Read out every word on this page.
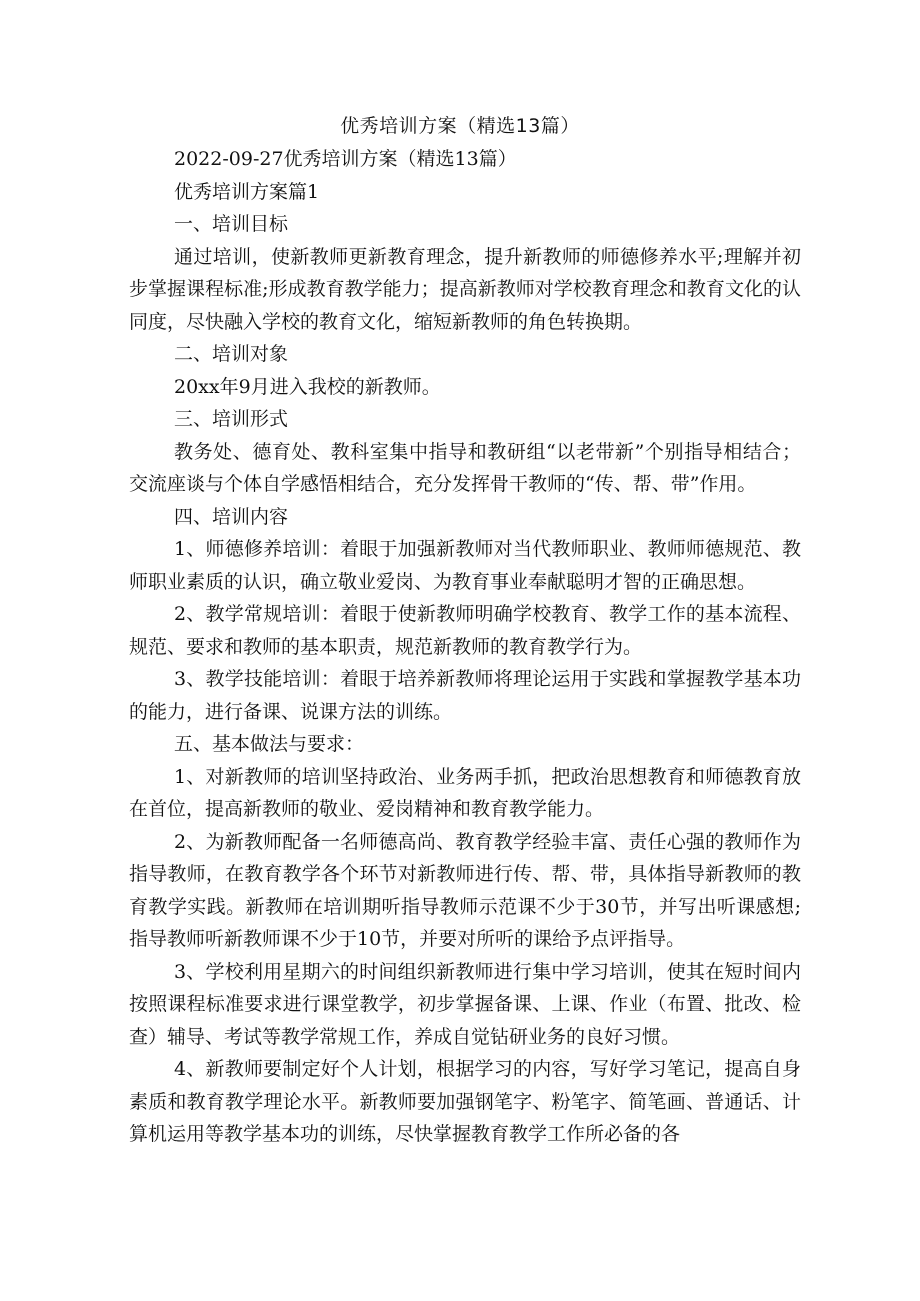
优秀培训方案（精选13篇）

2022-09-27优秀培训方案（精选13篇）

优秀培训方案篇1

一、培训目标

通过培训，使新教师更新教育理念，提升新教师的师德修养水平;理解并初步掌握课程标准;形成教育教学能力；提高新教师对学校教育理念和教育文化的认同度，尽快融入学校的教育文化，缩短新教师的角色转换期。

二、培训对象

20xx年9月进入我校的新教师。

三、培训形式

教务处、德育处、教科室集中指导和教研组“以老带新”个别指导相结合；交流座谈与个体自学感悟相结合，充分发挥骨干教师的“传、帮、带”作用。

四、培训内容

1、师德修养培训：着眼于加强新教师对当代教师职业、教师师德规范、教师职业素质的认识，确立敬业爱岗、为教育事业奉献聪明才智的正确思想。

2、教学常规培训：着眼于使新教师明确学校教育、教学工作的基本流程、规范、要求和教师的基本职责，规范新教师的教育教学行为。

3、教学技能培训：着眼于培养新教师将理论运用于实践和掌握教学基本功的能力，进行备课、说课方法的训练。

五、基本做法与要求：

1、对新教师的培训坚持政治、业务两手抓，把政治思想教育和师德教育放在首位，提高新教师的敬业、爱岗精神和教育教学能力。

2、为新教师配备一名师德高尚、教育教学经验丰富、责任心强的教师作为指导教师，在教育教学各个环节对新教师进行传、帮、带，具体指导新教师的教育教学实践。新教师在培训期听指导教师示范课不少于30节，并写出听课感想;指导教师听新教师课不少于10节，并要对所听的课给予点评指导。

3、学校利用星期六的时间组织新教师进行集中学习培训，使其在短时间内按照课程标准要求进行课堂教学，初步掌握备课、上课、作业（布置、批改、检查）辅导、考试等教学常规工作，养成自觉钻研业务的良好习惯。

4、新教师要制定好个人计划，根据学习的内容，写好学习笔记，提高自身素质和教育教学理论水平。新教师要加强钢笔字、粉笔字、简笔画、普通话、计算机运用等教学基本功的训练，尽快掌握教育教学工作所必备的各
